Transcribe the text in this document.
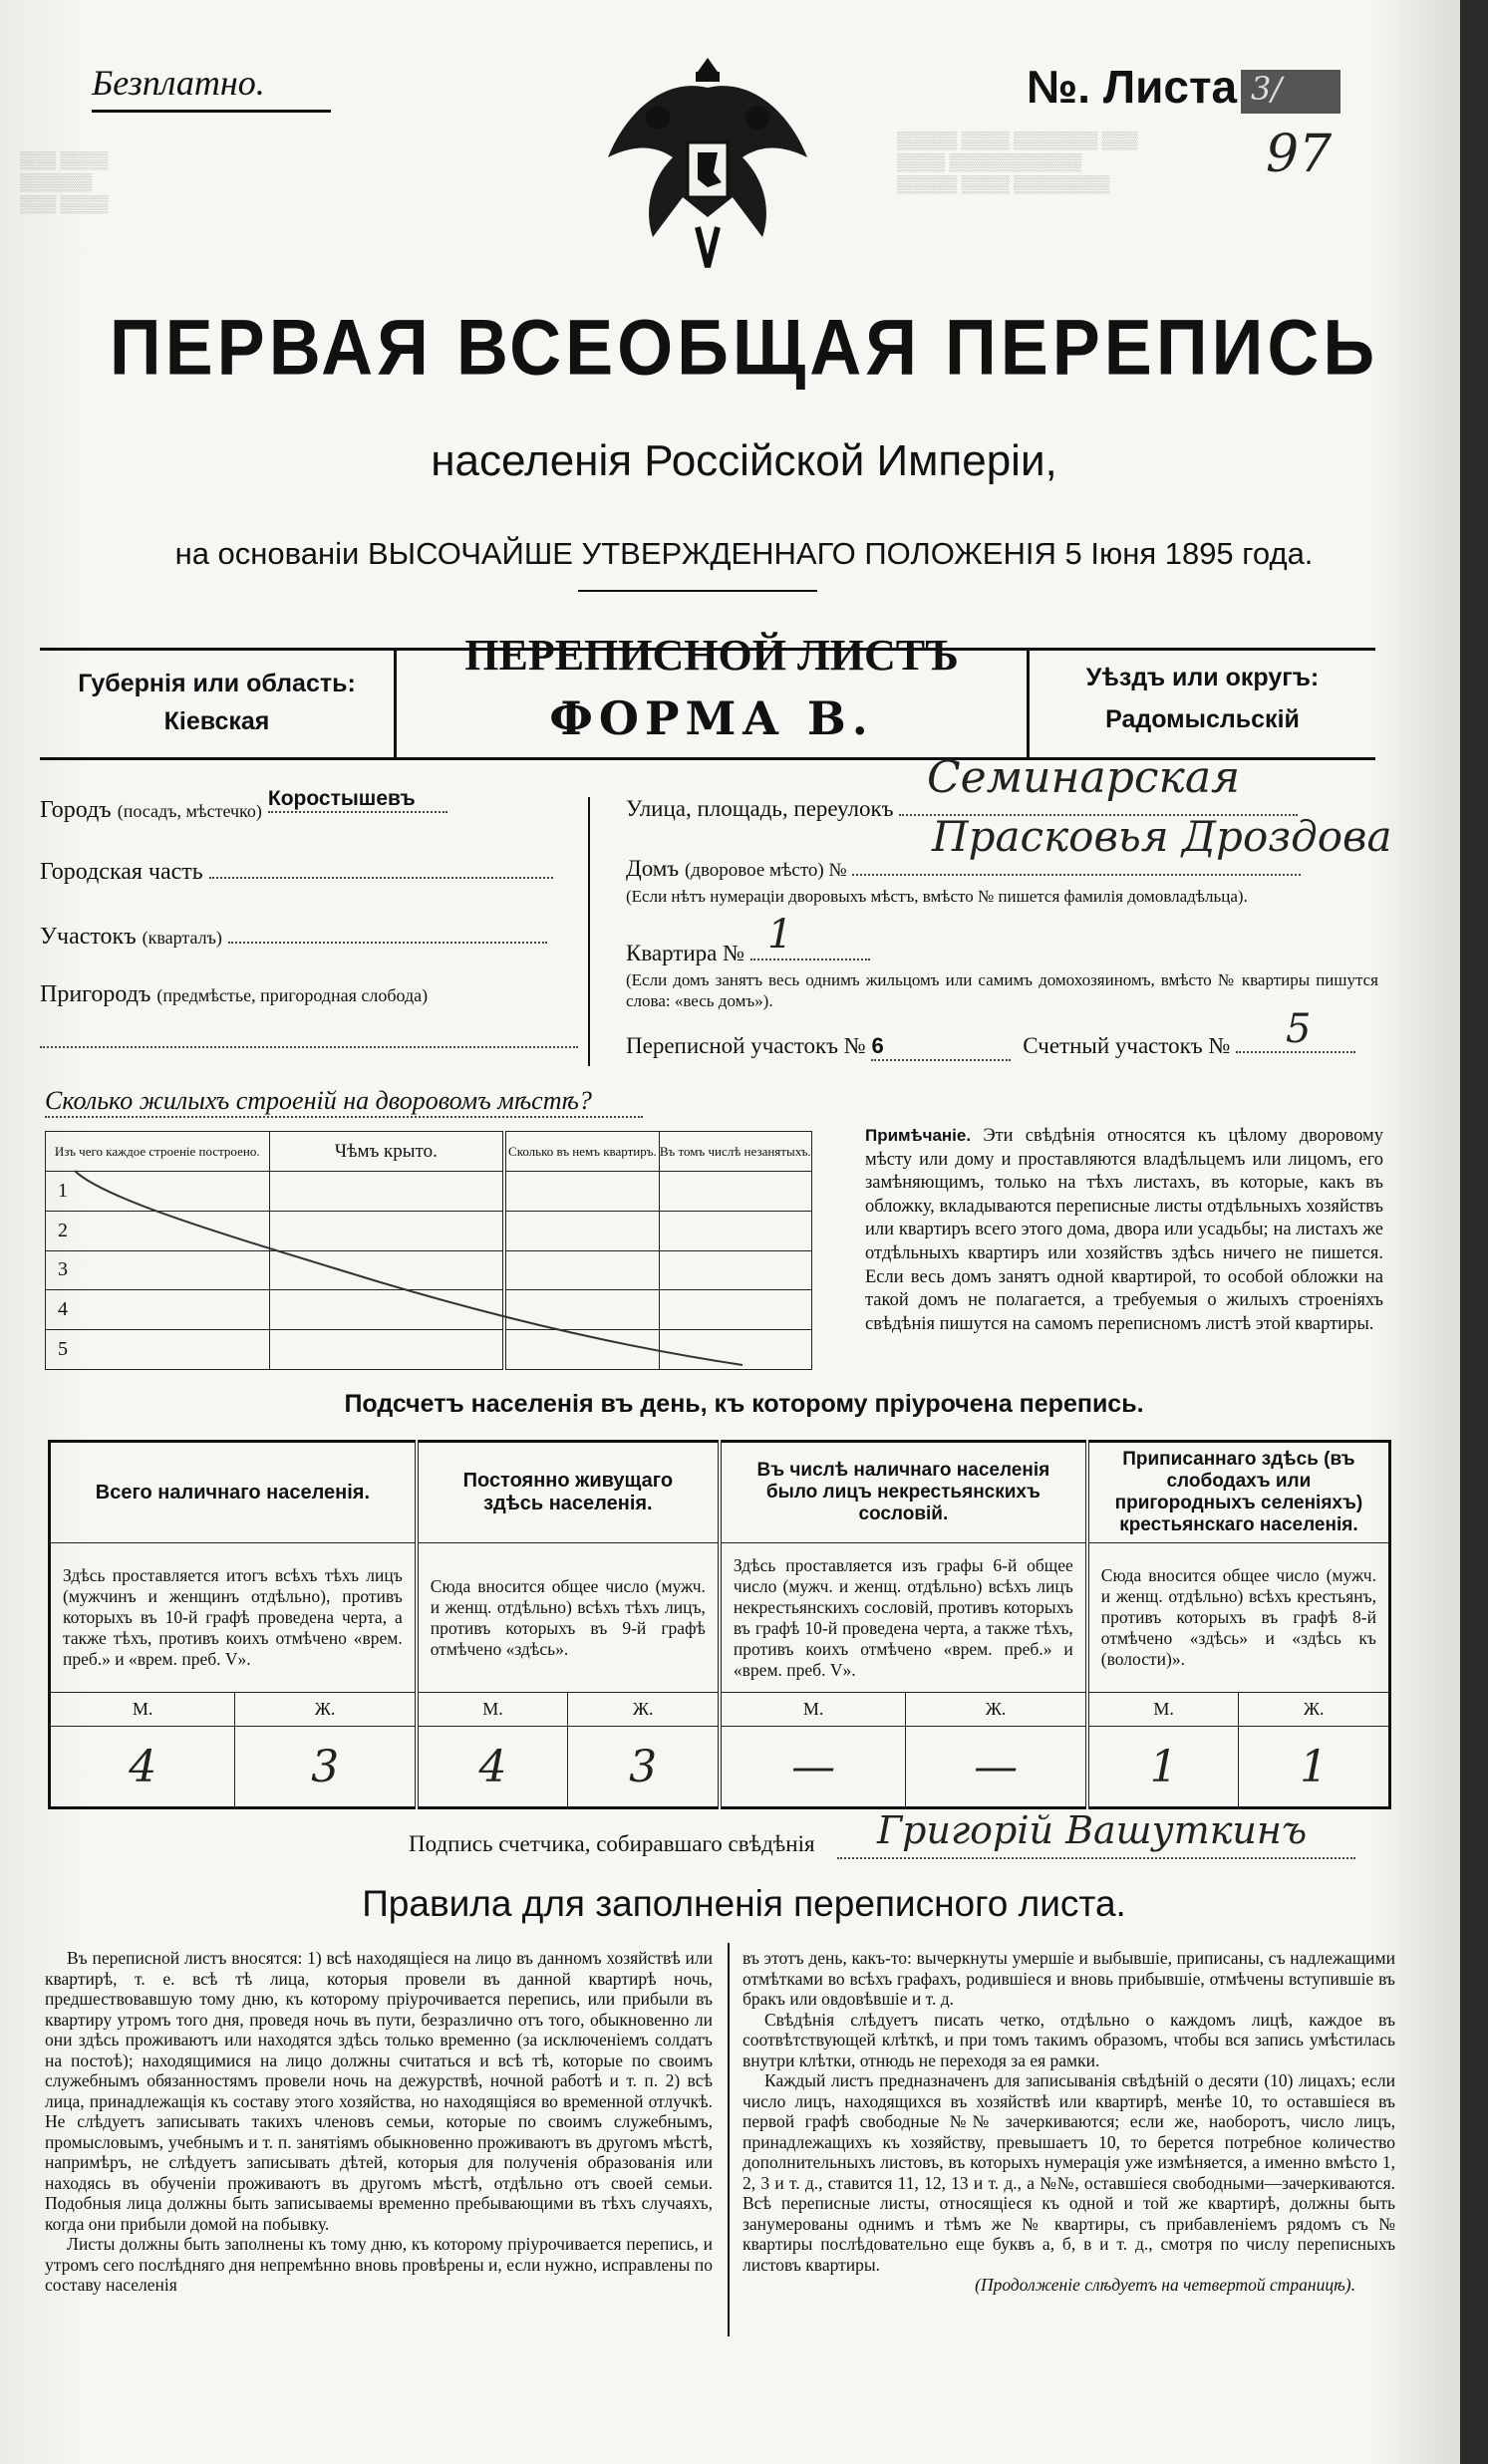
▒▒▒ ▒▒▒▒
▒▒▒▒▒▒
▒▒▒ ▒▒▒▒
▒▒▒▒▒ ▒▒▒▒ ▒▒▒▒▒▒▒ ▒▒▒
▒▒▒▒ ▒▒▒▒▒▒▒▒▒▒▒
▒▒▒▒▒ ▒▒▒▒ ▒▒▒▒▒▒▒▒
Безплатно.	№. Листа 3/
97
ПЕРВАЯ ВСЕОБЩАЯ ПЕРЕПИСЬ
населенія Россійской Имперіи,
на основаніи ВЫСОЧАЙШЕ УТВЕРЖДЕННАГО ПОЛОЖЕНІЯ 5 Іюня 1895 года.
Губернія или область:
Кіевская
ПЕРЕПИСНОЙ ЛИСТЪ
ФОРМА В.
Уѣздъ или округъ:
Радомысльскій
Городъ (посадъ, мѣстечко) Коростышевъ
Городская часть
Участокъ (кварталъ)
Пригородъ (предмѣстье, пригородная слобода)
Улица, площадь, переулокъ
Семинарская
Домъ (дворовое мѣсто) №
Прасковья Дроздова
(Если нѣтъ нумераціи дворовыхъ мѣстъ, вмѣсто № пишется фамилія домовладѣльца).
Квартира № 1
(Если домъ занятъ весь однимъ жильцомъ или самимъ домохозяиномъ, вмѣсто № квартиры пишутся слова: «весь домъ»).
Переписной участокъ № 6	Счетный участокъ №	5
Сколько жилыхъ строеній на дворовомъ мѣстѣ?
Изъ чего каждое строеніе построено.	Чѣмъ крыто.	Сколько въ немъ квартиръ.	Въ томъ числѣ незанятыхъ.
1			
2			
3			
4			
5			
Примѣчаніе. Эти свѣдѣнія относятся къ цѣлому дворовому мѣсту или дому и проставляются владѣльцемъ или лицомъ, его замѣняющимъ, только на тѣхъ листахъ, въ которые, какъ въ обложку, вкладываются переписные листы отдѣльныхъ хозяйствъ или квартиръ всего этого дома, двора или усадьбы; на листахъ же отдѣльныхъ квартиръ или хозяйствъ здѣсь ничего не пишется. Если весь домъ занятъ одной квартирой, то особой обложки на такой домъ не полагается, а требуемыя о жилыхъ строеніяхъ свѣдѣнія пишутся на самомъ переписномъ листѣ этой квартиры.
Подсчетъ населенія въ день, къ которому пріурочена перепись.
Всего наличнаго населенія.		Постоянно живущаго здѣсь населенія.		Въ числѣ наличнаго населенія было лицъ некрестьянскихъ сословій.		Приписаннаго здѣсь (въ слободахъ или пригородныхъ селеніяхъ) крестьянскаго населенія.	
Здѣсь проставляется итогъ всѣхъ тѣхъ лицъ (мужчинъ и женщинъ отдѣльно), противъ которыхъ въ 10-й графѣ проведена черта, а также тѣхъ, противъ коихъ отмѣчено «врем. преб.» и «врем. преб. V».		Сюда вносится общее число (мужч. и женщ. отдѣльно) всѣхъ тѣхъ лицъ, противъ которыхъ въ 9-й графѣ отмѣчено «здѣсь».		Здѣсь проставляется изъ графы 6-й общее число (мужч. и женщ. отдѣльно) всѣхъ лицъ некрестьянскихъ сословій, противъ которыхъ въ графѣ 10-й проведена черта, а также тѣхъ, противъ коихъ отмѣчено «врем. преб.» и «врем. преб. V».		Сюда вносится общее число (мужч. и женщ. отдѣльно) всѣхъ крестьянъ, противъ которыхъ въ графѣ 8-й отмѣчено «здѣсь» и «здѣсь къ (волости)».	
М.	Ж.	М.	Ж.	М.	Ж.	М.	Ж.
4	3	4	3	—	—	1	1
Подпись счетчика, собиравшаго свѣдѣнія Григорій Вашуткинъ
Правила для заполненія переписного листа.
Въ переписной листъ вносятся: 1) всѣ находящіеся на лицо въ данномъ хозяйствѣ или квартирѣ, т. е. всѣ тѣ лица, которыя провели въ данной квартирѣ ночь, предшествовавшую тому дню, къ которому пріурочивается перепись, или прибыли въ квартиру утромъ того дня, проведя ночь въ пути, безразлично отъ того, обыкновенно ли они здѣсь проживаютъ или находятся здѣсь только временно (за исключеніемъ солдатъ на постоѣ); находящимися на лицо должны считаться и всѣ тѣ, которые по своимъ служебнымъ обязанностямъ провели ночь на дежурствѣ, ночной работѣ и т. п. 2) всѣ лица, принадлежащія къ составу этого хозяйства, но находящіяся во временной отлучкѣ. Не слѣдуетъ записывать такихъ членовъ семьи, которые по своимъ служебнымъ, промысловымъ, учебнымъ и т. п. занятіямъ обыкновенно проживаютъ въ другомъ мѣстѣ, напримѣръ, не слѣдуетъ записывать дѣтей, которыя для полученія образованія или находясь въ обученіи проживаютъ въ другомъ мѣстѣ, отдѣльно отъ своей семьи. Подобныя лица должны быть записываемы временно пребывающими въ тѣхъ случаяхъ, когда они прибыли домой на побывку.
Листы должны быть заполнены къ тому дню, къ которому пріурочивается перепись, и утромъ сего послѣдняго дня непремѣнно вновь провѣрены и, если нужно, исправлены по составу населенія
въ этотъ день, какъ-то: вычеркнуты умершіе и выбывшіе, приписаны, съ надлежащими отмѣтками во всѣхъ графахъ, родившіеся и вновь прибывшіе, отмѣчены вступившіе въ бракъ или овдовѣвшіе и т. д.
Свѣдѣнія слѣдуетъ писать четко, отдѣльно о каждомъ лицѣ, каждое въ соотвѣтствующей клѣткѣ, и при томъ такимъ образомъ, чтобы вся запись умѣстилась внутри клѣтки, отнюдь не переходя за ея рамки.
Каждый листъ предназначенъ для записыванія свѣдѣній о десяти (10) лицахъ; если число лицъ, находящихся въ хозяйствѣ или квартирѣ, менѣе 10, то оставшіеся въ первой графѣ свободные №№ зачеркиваются; если же, наоборотъ, число лицъ, принадлежащихъ къ хозяйству, превышаетъ 10, то берется потребное количество дополнительныхъ листовъ, въ которыхъ нумерація уже измѣняется, а именно вмѣсто 1, 2, 3 и т. д., ставится 11, 12, 13 и т. д., а №№, оставшіеся свободными—зачеркиваются. Всѣ переписные листы, относящіеся къ одной и той же квартирѣ, должны быть занумерованы однимъ и тѣмъ же № квартиры, съ прибавленіемъ рядомъ съ № квартиры послѣдовательно еще буквъ а, б, в и т. д., смотря по числу переписныхъ листовъ квартиры.
(Продолженіе слѣдуетъ на четвертой страницѣ).
